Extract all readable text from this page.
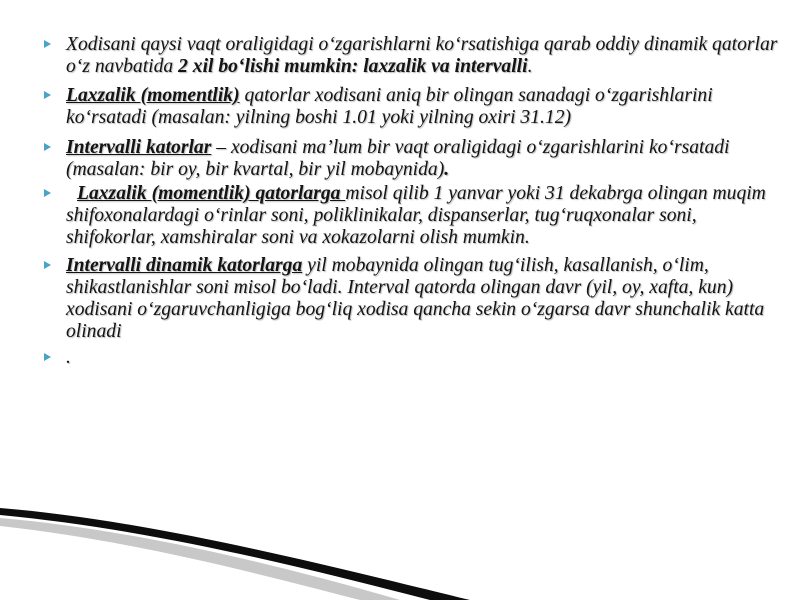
Xodisani qaysi vaqt oraligidagi o‘zgarishlarni ko‘rsatishiga qarab oddiy dinamik qatorlar o‘z navbatida 2 xil bo‘lishi mumkin: laxzalik va intervalli.

Laxzalik (momentlik) qatorlar xodisani aniq bir olingan sanadagi o‘zgarishlarini ko‘rsatadi (masalan: yilning boshi 1.01 yoki yilning oxiri 31.12)

Intervalli katorlar – xodisani ma’lum bir vaqt oraligidagi o‘zgarishlarini ko‘rsatadi (masalan: bir oy, bir kvartal, bir yil mobaynida).

Laxzalik (momentlik) qatorlarga misol qilib 1 yanvar yoki 31 dekabrga olingan muqim shifoxonalardagi o‘rinlar soni, poliklinikalar, dispanserlar, tug‘ruqxonalar soni, shifokorlar, xamshiralar soni va xokazolarni olish mumkin.

Intervalli dinamik katorlarga yil mobaynida olingan tug‘ilish, kasallanish, o‘lim, shikastlanishlar soni misol bo‘ladi. Interval qatorda olingan davr (yil, oy, xafta, kun) xodisani o‘zgaruvchanligiga bog‘liq xodisa qancha sekin o‘zgarsa davr shunchalik katta olinadi

.
